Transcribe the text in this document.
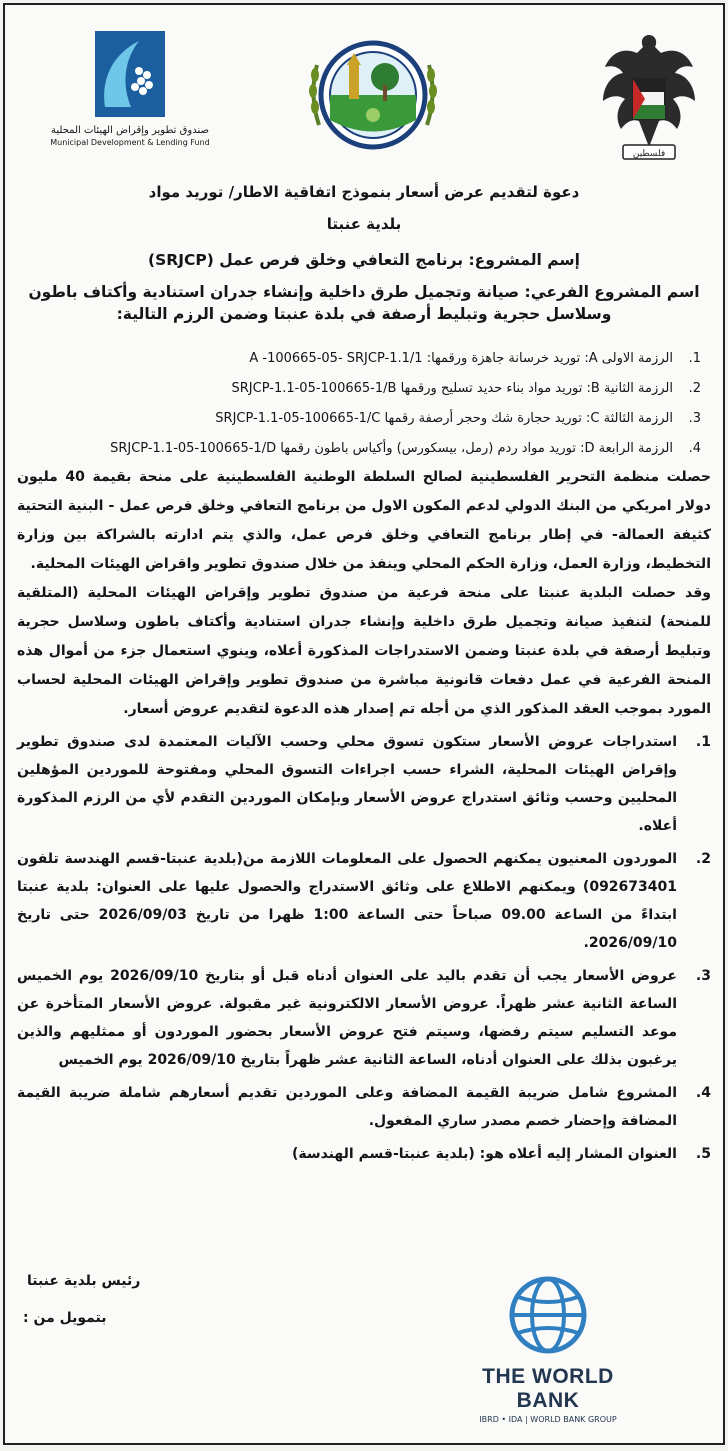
فلسطين
صندوق تطوير وإقراض الهيئات المحلية
Municipal Development & Lending Fund
دعوة لتقديم عرض أسعار بنموذج اتفاقية الاطار/ توريد مواد
بلدية عنبتا
إسم المشروع: برنامج التعافي وخلق فرص عمل (SRJCP)
اسم المشروع الفرعي: صيانة وتجميل طرق داخلية وإنشاء جدران استنادية وأكتاف باطون وسلاسل حجرية وتبليط أرصفة في بلدة عنبتا وضمن الرزم التالية:
1.
الرزمة الاولى A: توريد خرسانة جاهزة ورقمها: 1/A -100665-05- SRJCP-1.1
2.
الرزمة الثانية B: توريد مواد بناء حديد تسليح ورقمها SRJCP-1.1-05-100665-1/B
3.
الرزمة الثالثة C: توريد حجارة شك وحجر أرصفة رقمها SRJCP-1.1-05-100665-1/C
4.
الرزمة الرابعة D: توريد مواد ردم (رمل، بيسكورس) وأكياس باطون رقمها SRJCP-1.1-05-100665-1/D
حصلت منظمة التحرير الفلسطينية لصالح السلطة الوطنية الفلسطينية على منحة بقيمة 40 مليون دولار امريكي من البنك الدولي لدعم المكون الاول من برنامج التعافي وخلق فرص عمل - البنية التحتية كثيفة العمالة- في إطار برنامج التعافي وخلق فرص عمل، والذي يتم ادارته بالشراكة بين وزارة التخطيط، وزارة العمل، وزارة الحكم المحلي وينفذ من خلال صندوق تطوير واقراض الهيئات المحلية.
وقد حصلت البلدية عنبتا على منحة فرعية من صندوق تطوير وإقراض الهيئات المحلية (المتلقية للمنحة) لتنفيذ صيانة وتجميل طرق داخلية وإنشاء جدران استنادية وأكتاف باطون وسلاسل حجرية وتبليط أرصفة في بلدة عنبتا وضمن الاستدراجات المذكورة أعلاه، وينوي استعمال جزء من أموال هذه المنحة الفرعية في عمل دفعات قانونية مباشرة من صندوق تطوير وإقراض الهيئات المحلية لحساب المورد بموجب العقد المذكور الذي من أجله تم إصدار هذه الدعوة لتقديم عروض أسعار.
1.
استدراجات عروض الأسعار ستكون تسوق محلي وحسب الآليات المعتمدة لدى صندوق تطوير وإقراض الهيئات المحلية، الشراء حسب اجراءات التسوق المحلي ومفتوحة للموردين المؤهلين المحليين وحسب وثائق استدراج عروض الأسعار وبإمكان الموردين التقدم لأي من الرزم المذكورة أعلاه.
2.
الموردون المعنيون يمكنهم الحصول على المعلومات اللازمة من(بلدية عنبتا-قسم الهندسة تلفون 092673401) ويمكنهم الاطلاع على وثائق الاستدراج والحصول عليها على العنوان: بلدية عنبتا ابتداءً من الساعة 09.00 صباحاً حتى الساعة 1:00 ظهرا من تاريخ 2026/09/03 حتى تاريخ 2026/09/10.
3.
عروض الأسعار يجب أن تقدم باليد على العنوان أدناه قبل أو بتاريخ 2026/09/10 يوم الخميس الساعة الثانية عشر ظهراً. عروض الأسعار الالكترونية غير مقبولة. عروض الأسعار المتأخرة عن موعد التسليم سيتم رفضها، وسيتم فتح عروض الأسعار بحضور الموردون أو ممثليهم والذين يرغبون بذلك على العنوان أدناه، الساعة الثانية عشر ظهراً بتاريخ 2026/09/10 يوم الخميس
4.
المشروع شامل ضريبة القيمة المضافة وعلى الموردين تقديم أسعارهم شاملة ضريبة القيمة المضافة وإحضار خصم مصدر ساري المفعول.
5.
العنوان المشار إليه أعلاه هو: (بلدية عنبتا-قسم الهندسة)
رئيس بلدية عنبتا
بتمويل من :
THE WORLD BANK
IBRD • IDA | WORLD BANK GROUP
